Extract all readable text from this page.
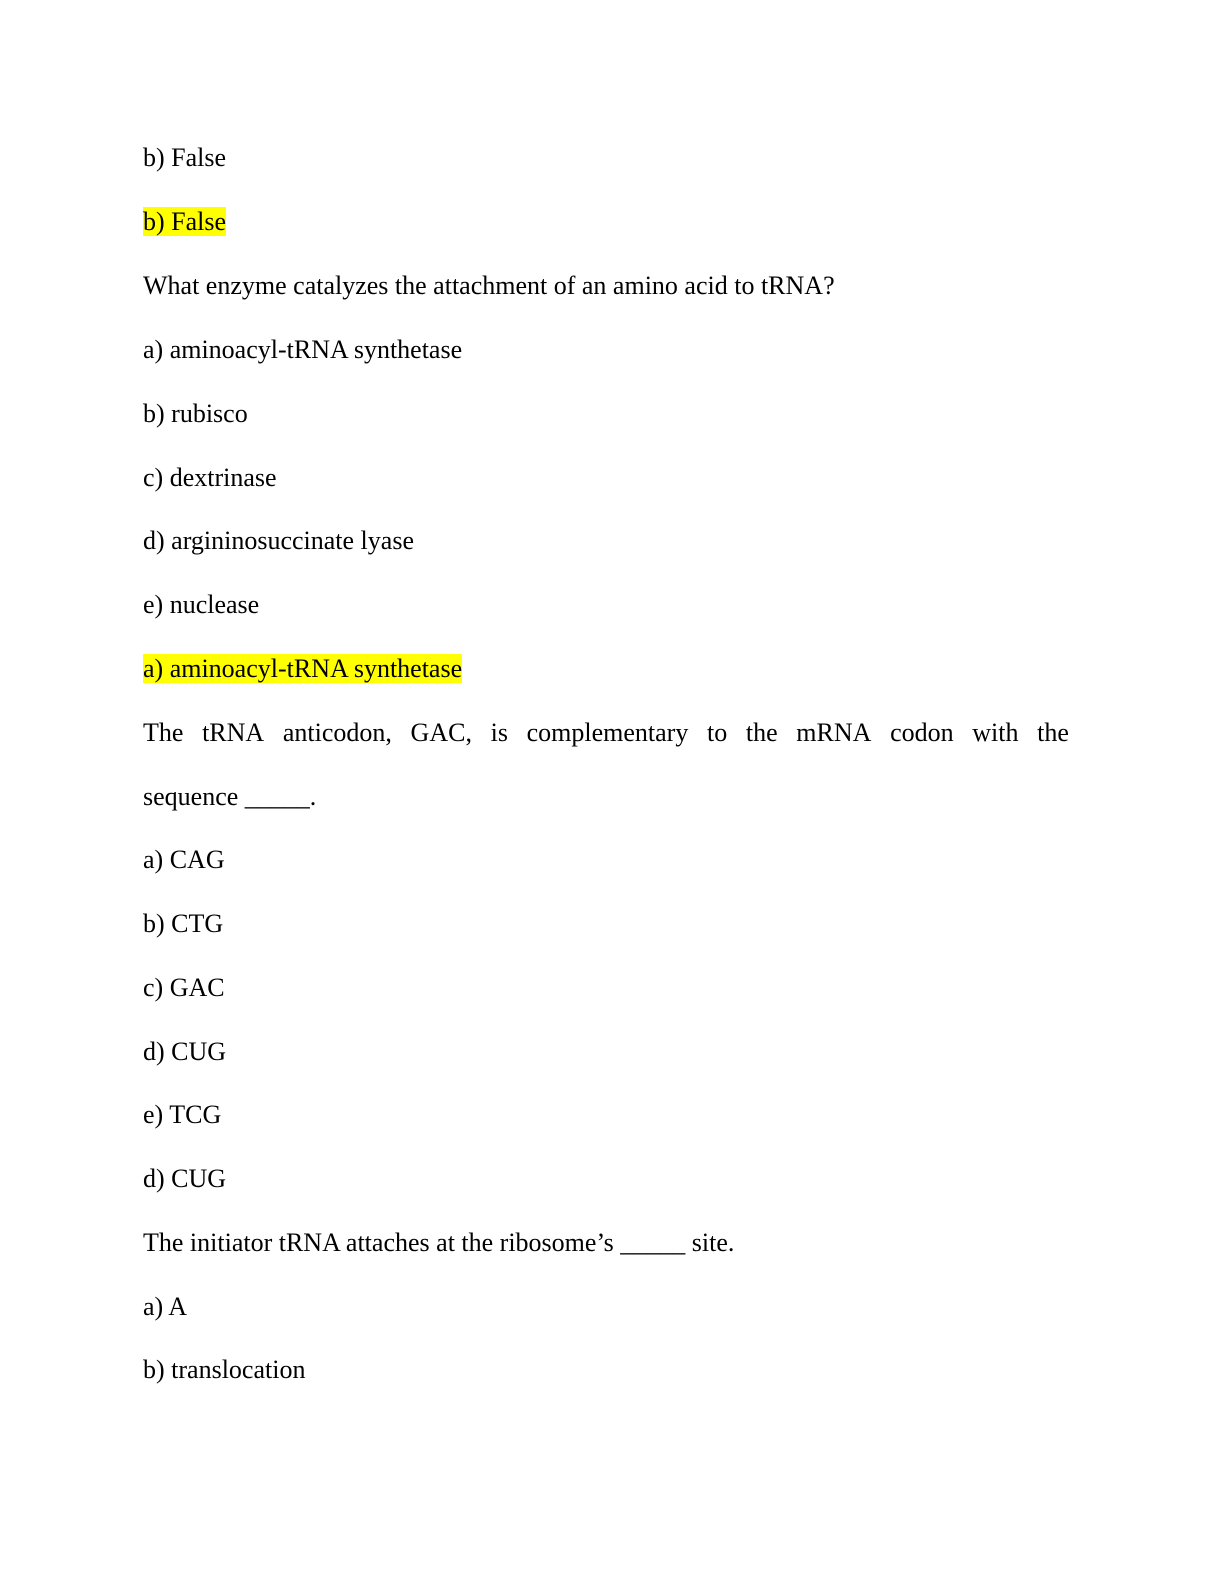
b) False
b) False
What enzyme catalyzes the attachment of an amino acid to tRNA?
a) aminoacyl-tRNA synthetase
b) rubisco
c) dextrinase
d) argininosuccinate lyase
e) nuclease
a) aminoacyl-tRNA synthetase
The tRNA anticodon, GAC, is complementary to the mRNA codon with the
sequence _____.
a) CAG
b) CTG
c) GAC
d) CUG
e) TCG
d) CUG
The initiator tRNA attaches at the ribosome’s _____ site.
a) A
b) translocation
